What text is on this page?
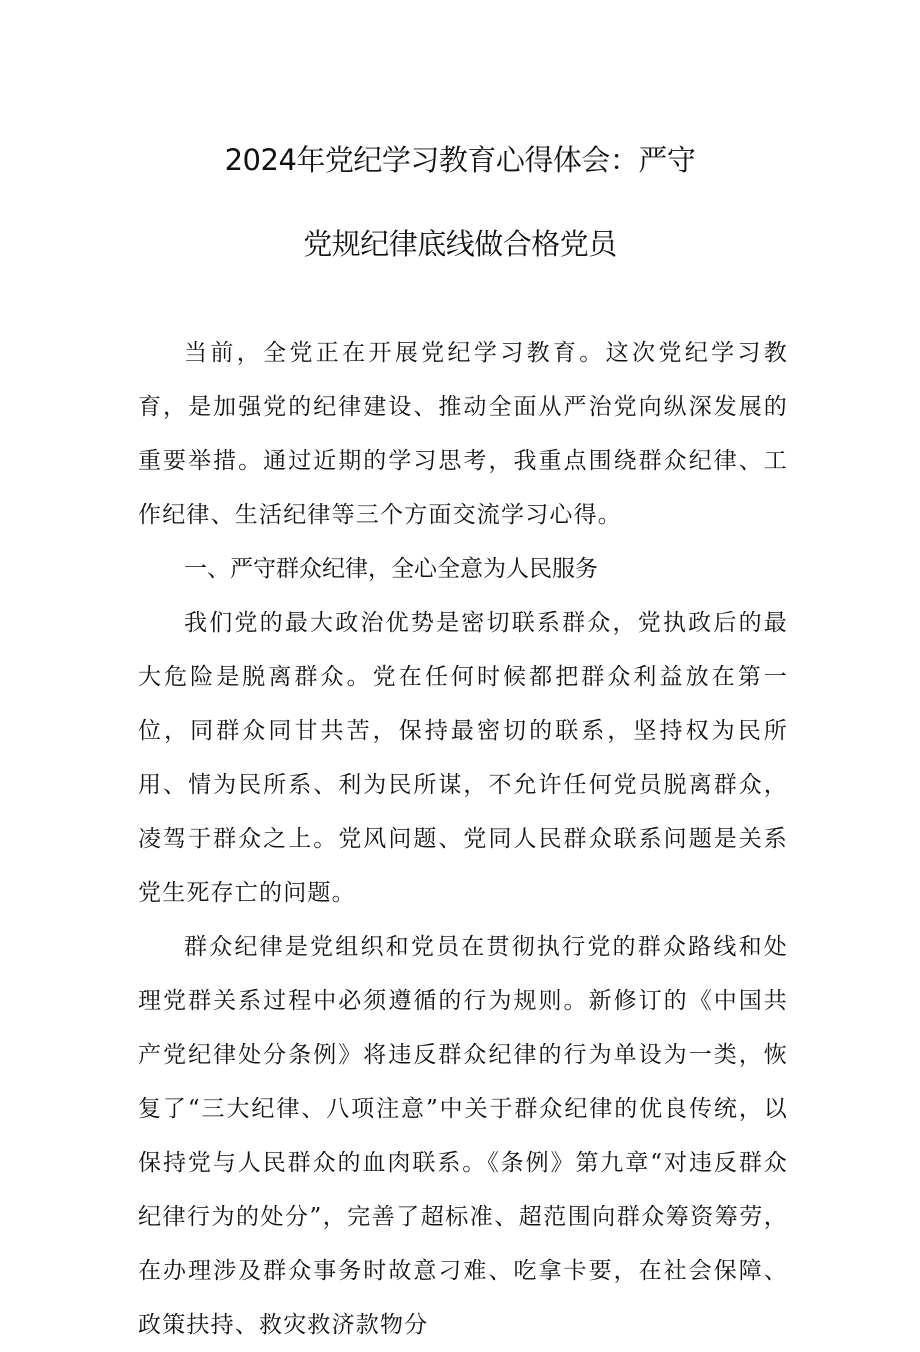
2024年党纪学习教育心得体会：严守
党规纪律底线做合格党员

当前，全党正在开展党纪学习教育。这次党纪学习教育，是加强党的纪律建设、推动全面从严治党向纵深发展的重要举措。通过近期的学习思考，我重点围绕群众纪律、工作纪律、生活纪律等三个方面交流学习心得。

一、严守群众纪律，全心全意为人民服务

我们党的最大政治优势是密切联系群众，党执政后的最大危险是脱离群众。党在任何时候都把群众利益放在第一位，同群众同甘共苦，保持最密切的联系，坚持权为民所用、情为民所系、利为民所谋，不允许任何党员脱离群众，凌驾于群众之上。党风问题、党同人民群众联系问题是关系党生死存亡的问题。

群众纪律是党组织和党员在贯彻执行党的群众路线和处理党群关系过程中必须遵循的行为规则。新修订的《中国共产党纪律处分条例》将违反群众纪律的行为单设为一类，恢复了“三大纪律、八项注意”中关于群众纪律的优良传统，以保持党与人民群众的血肉联系。《条例》第九章“对违反群众纪律行为的处分”，完善了超标准、超范围向群众筹资筹劳，在办理涉及群众事务时故意刁难、吃拿卡要，在社会保障、政策扶持、救灾救济款物分
